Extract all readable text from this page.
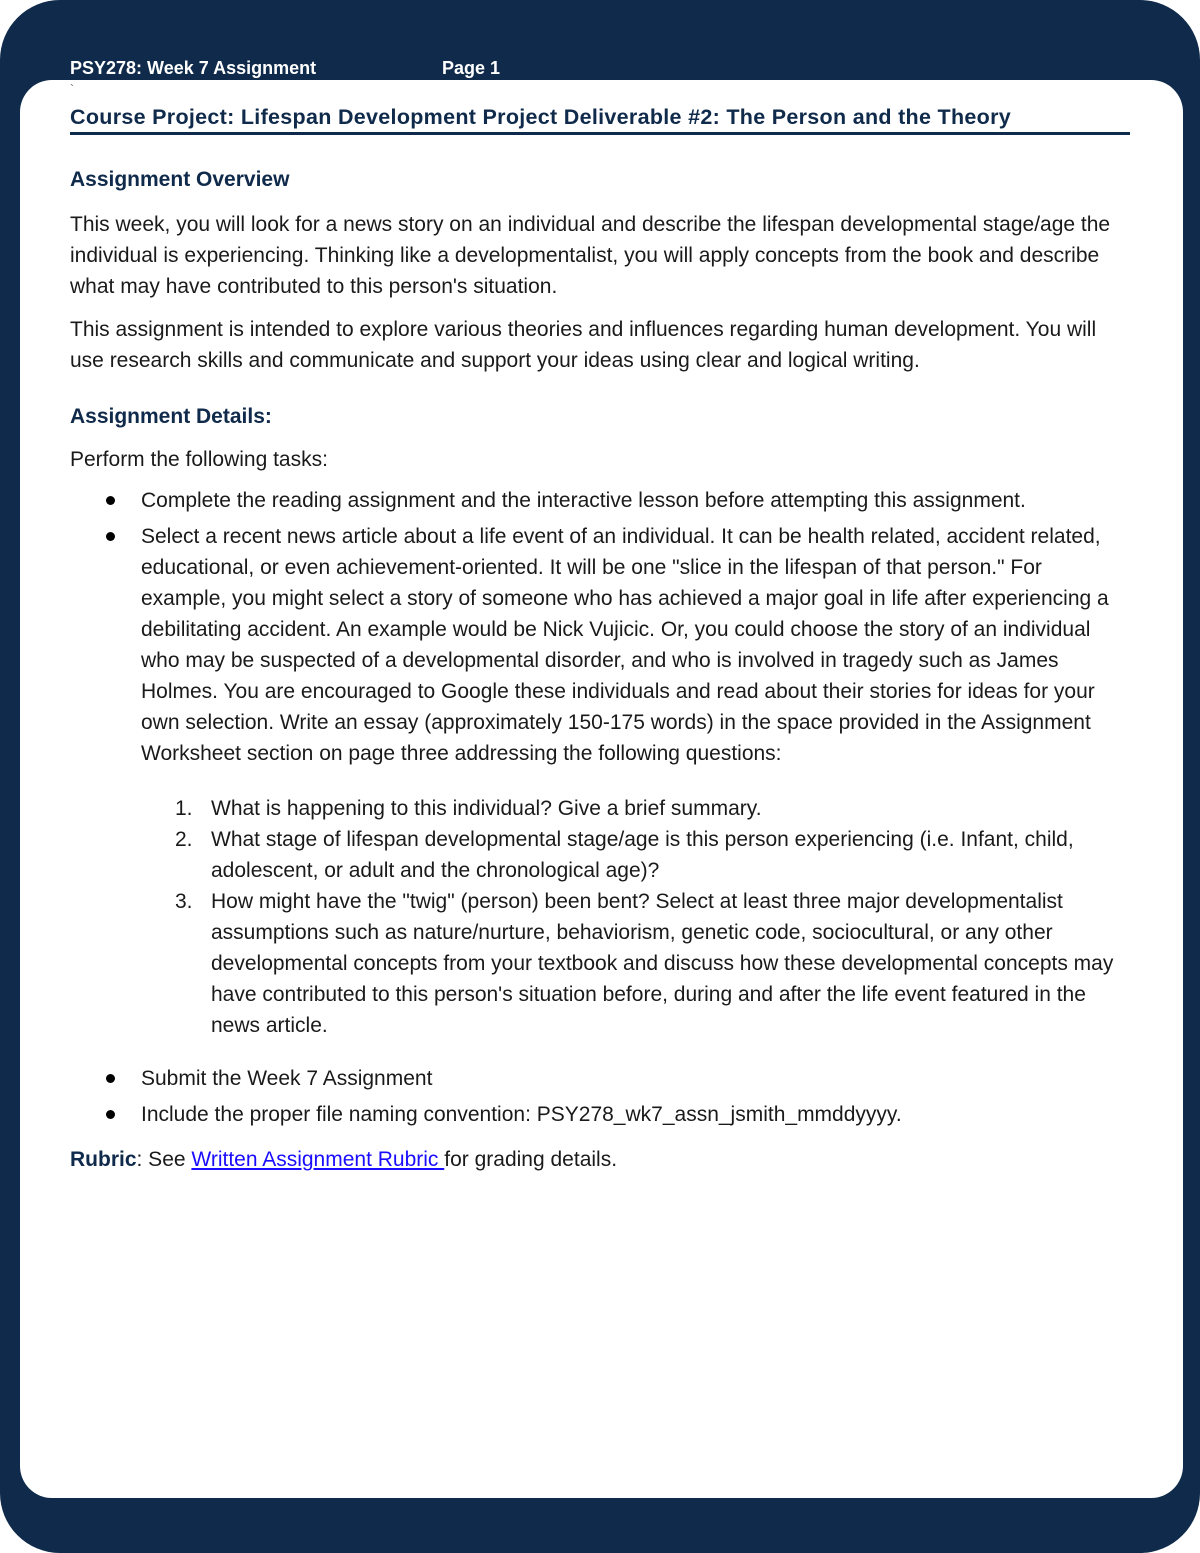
PSY278: Week 7 Assignment	Page 1
`
Course Project: Lifespan Development Project Deliverable #2: The Person and the Theory
Assignment Overview

This week, you will look for a news story on an individual and describe the lifespan developmental stage/age the individual is experiencing. Thinking like a developmentalist, you will apply concepts from the book and describe what may have contributed to this person's situation.

This assignment is intended to explore various theories and influences regarding human development. You will use research skills and communicate and support your ideas using clear and logical writing.

Assignment Details:

Perform the following tasks:

Complete the reading assignment and the interactive lesson before attempting this assignment.
Select a recent news article about a life event of an individual. It can be health related, accident related, educational, or even achievement-oriented. It will be one "slice in the lifespan of that person." For example, you might select a story of someone who has achieved a major goal in life after experiencing a debilitating accident. An example would be Nick Vujicic. Or, you could choose the story of an individual who may be suspected of a developmental disorder, and who is involved in tragedy such as James Holmes. You are encouraged to Google these individuals and read about their stories for ideas for your own selection. Write an essay (approximately 150-175 words) in the space provided in the Assignment Worksheet section on page three addressing the following questions:
1. What is happening to this individual? Give a brief summary.
2. What stage of lifespan developmental stage/age is this person experiencing (i.e. Infant, child, adolescent, or adult and the chronological age)?
3. How might have the "twig" (person) been bent? Select at least three major developmentalist assumptions such as nature/nurture, behaviorism, genetic code, sociocultural, or any other developmental concepts from your textbook and discuss how these developmental concepts may have contributed to this person's situation before, during and after the life event featured in the news article.
Submit the Week 7 Assignment
Include the proper file naming convention: PSY278_wk7_assn_jsmith_mmddyyyy.

Rubric: See Written Assignment Rubric for grading details.
